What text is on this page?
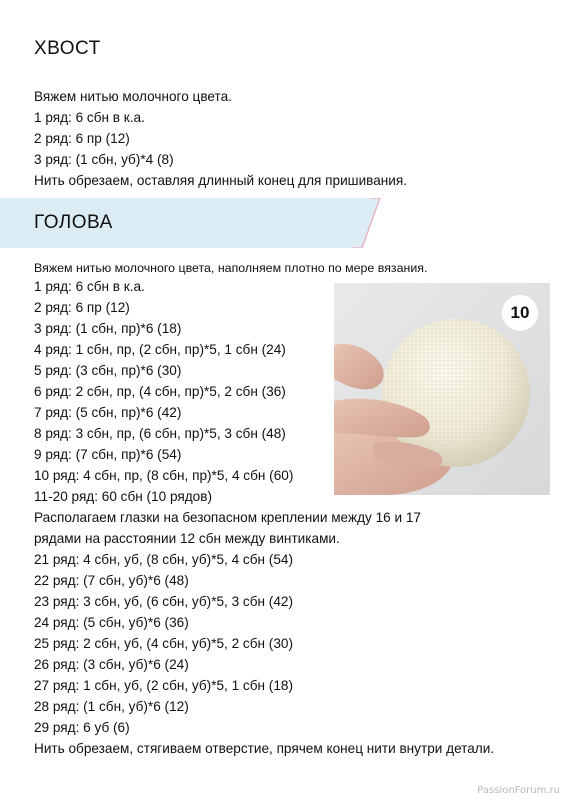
ХВОСТ
Вяжем нитью молочного цвета.
1 ряд: 6 сбн в к.а.
2 ряд: 6 пр (12)
3 ряд: (1 сбн, уб)*4 (8)
Нить обрезаем, оставляя длинный конец для пришивания.
ГОЛОВА
Вяжем нитью молочного цвета, наполняем плотно по мере вязания.
1 ряд: 6 сбн в к.а.
2 ряд: 6 пр (12)
3 ряд: (1 сбн, пр)*6 (18)
4 ряд: 1 сбн, пр, (2 сбн, пр)*5, 1 сбн (24)
5 ряд: (3 сбн, пр)*6 (30)
6 ряд: 2 сбн, пр, (4 сбн, пр)*5, 2 сбн (36)
7 ряд: (5 сбн, пр)*6 (42)
8 ряд: 3 сбн, пр, (6 сбн, пр)*5, 3 сбн (48)
9 ряд: (7 сбн, пр)*6 (54)
10 ряд: 4 сбн, пр, (8 сбн, пр)*5, 4 сбн (60)
11-20 ряд: 60 сбн (10 рядов)
Располагаем глазки на безопасном креплении между 16 и 17
рядами на расстоянии 12 сбн между винтиками.
21 ряд: 4 сбн, уб, (8 сбн, уб)*5, 4 сбн (54)
22 ряд: (7 сбн, уб)*6 (48)
23 ряд: 3 сбн, уб, (6 сбн, уб)*5, 3 сбн (42)
24 ряд: (5 сбн, уб)*6 (36)
25 ряд: 2 сбн, уб, (4 сбн, уб)*5, 2 сбн (30)
26 ряд: (3 сбн, уб)*6 (24)
27 ряд: 1 сбн, уб, (2 сбн, уб)*5, 1 сбн (18)
28 ряд: (1 сбн, уб)*6 (12)
29 ряд: 6 уб (6)
Нить обрезаем, стягиваем отверстие, прячем конец нити внутри детали.
10
PassionForum.ru
